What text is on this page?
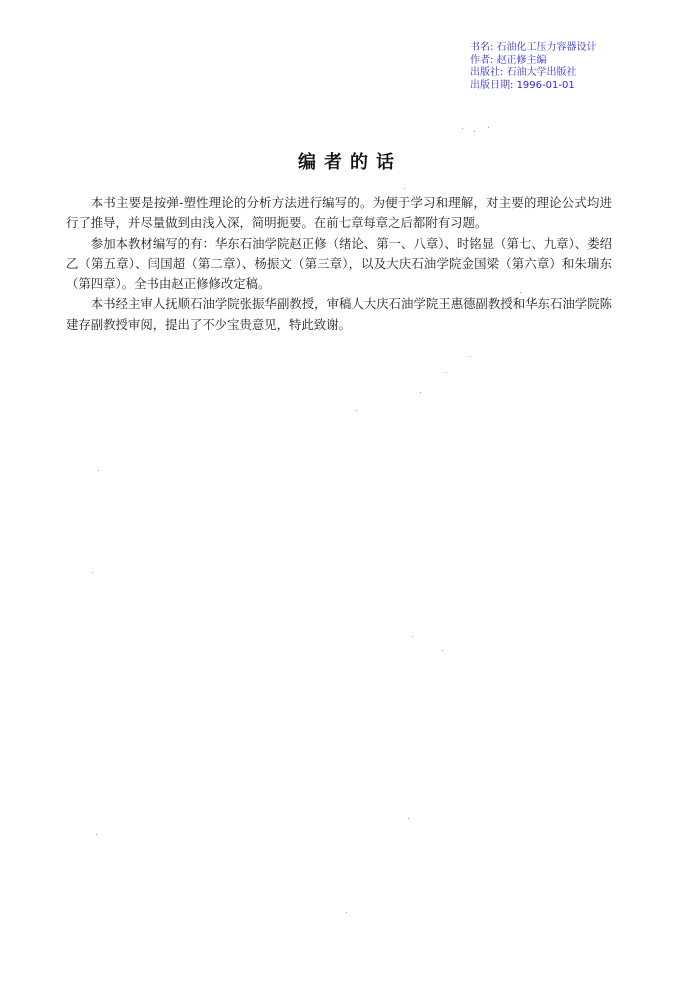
书名: 石油化工压力容器设计
作者: 赵正修主编
出版社: 石油大学出版社
出版日期: 1996-01-01
编者的话

本书主要是按弹-塑性理论的分析方法进行编写的。为便于学习和理解，对主要的理论公式均进行了推导，并尽量做到由浅入深，简明扼要。在前七章每章之后都附有习题。

参加本教材编写的有：华东石油学院赵正修（绪论、第一、八章）、时铭显（第七、九章）、娄绍乙（第五章）、闫国超（第二章）、杨振文（第三章），以及大庆石油学院金国梁（第六章）和朱瑞东（第四章）。全书由赵正修修改定稿。

本书经主审人抚顺石油学院张振华副教授，审稿人大庆石油学院王惠德副教授和华东石油学院陈建存副教授审阅，提出了不少宝贵意见，特此致谢。
